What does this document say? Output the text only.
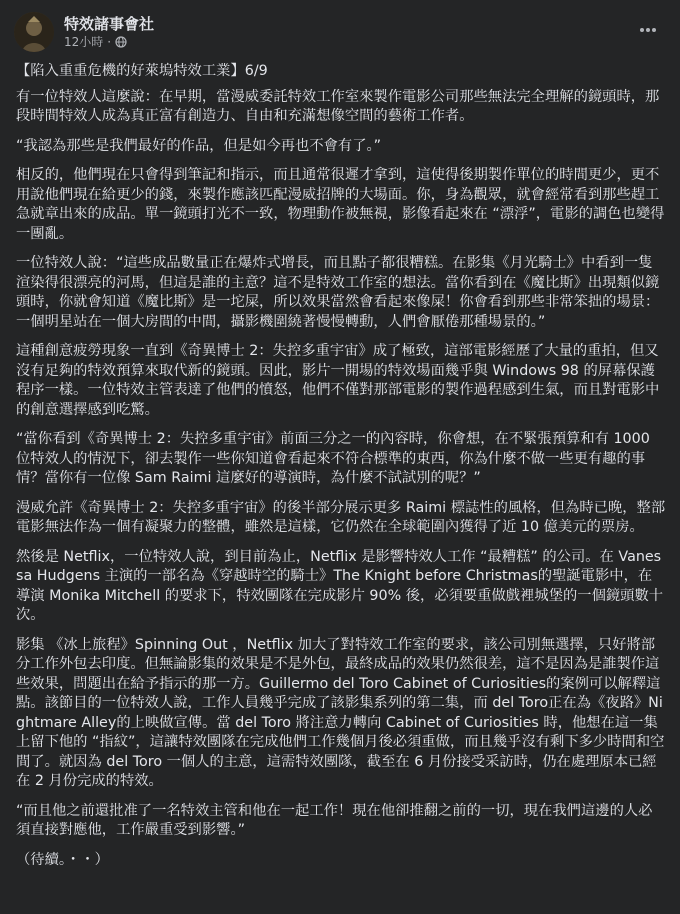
特效諸事會社
12小時 ·

【陷入重重危機的好萊塢特效工業】6/9

有一位特效人這麼說：在早期，當漫威委託特效工作室來製作電影公司那些無法完全理解的鏡頭時，那段時間特效人成為真正富有創造力、自由和充滿想像空間的藝術工作者。

“我認為那些是我們最好的作品，但是如今再也不會有了。”

相反的，他們現在只會得到筆記和指示，而且通常很遲才拿到，這使得後期製作單位的時間更少，更不用說他們現在給更少的錢，來製作應該匹配漫威招牌的大場面。你，身為觀眾，就會經常看到那些趕工急就章出來的成品。單一鏡頭打光不一致，物理動作被無視，影像看起來在 “漂浮”，電影的調色也變得一團亂。

一位特效人說：“這些成品數量正在爆炸式增長，而且點子都很糟糕。在影集《月光騎士》中看到一隻渲染得很漂亮的河馬，但這是誰的主意？這不是特效工作室的想法。當你看到在《魔比斯》出現類似鏡頭時，你就會知道《魔比斯》是一坨屎，所以效果當然會看起來像屎！你會看到那些非常笨拙的場景：一個明星站在一個大房間的中間，攝影機圍繞著慢慢轉動，人們會厭倦那種場景的。”

這種創意疲勞現象一直到《奇異博士 2：失控多重宇宙》成了極致，這部電影經歷了大量的重拍，但又沒有足夠的特效預算來取代新的鏡頭。因此，影片一開場的特效場面幾乎與 Windows 98 的屏幕保護程序一樣。一位特效主管表達了他們的憤怒，他們不僅對那部電影的製作過程感到生氣，而且對電影中的創意選擇感到吃驚。

“當你看到《奇異博士 2：失控多重宇宙》前面三分之一的內容時，你會想，在不緊張預算和有 1000 位特效人的情況下，卻去製作一些你知道會看起來不符合標準的東西，你為什麼不做一些更有趣的事情？當你有一位像 Sam Raimi 這麼好的導演時，為什麼不試試別的呢？”

漫威允許《奇異博士 2：失控多重宇宙》的後半部分展示更多 Raimi 標誌性的風格，但為時已晚，整部電影無法作為一個有凝聚力的整體，雖然是這樣，它仍然在全球範圍內獲得了近 10 億美元的票房。

然後是 Netflix，一位特效人說，到目前為止，Netflix 是影響特效人工作 “最糟糕” 的公司。在 Vanessa Hudgens 主演的一部名為《穿越時空的騎士》The Knight before Christmas的聖誕電影中，在導演 Monika Mitchell 的要求下，特效團隊在完成影片 90% 後，必須要重做戲裡城堡的一個鏡頭數十次。

影集 《冰上旅程》Spinning Out ，Netflix 加大了對特效工作室的要求，該公司別無選擇，只好將部分工作外包去印度。但無論影集的效果是不是外包，最終成品的效果仍然很差，這不是因為是誰製作這些效果，問題出在給予指示的那一方。Guillermo del Toro Cabinet of Curiosities的案例可以解釋這點。該節目的一位特效人說，工作人員幾乎完成了該影集系列的第二集，而 del Toro正在為《夜路》Nightmare Alley的上映做宣傳。當 del Toro 將注意力轉向 Cabinet of Curiosities 時，他想在這一集上留下他的 “指紋”，這讓特效團隊在完成他們工作幾個月後必須重做，而且幾乎沒有剩下多少時間和空間了。就因為 del Toro 一個人的主意，這需特效團隊，截至在 6 月份接受采訪時，仍在處理原本已經在 2 月份完成的特效。

“而且他之前還批准了一名特效主管和他在一起工作！現在他卻推翻之前的一切，現在我們這邊的人必須直接對應他，工作嚴重受到影響。”

（待續。・・）
